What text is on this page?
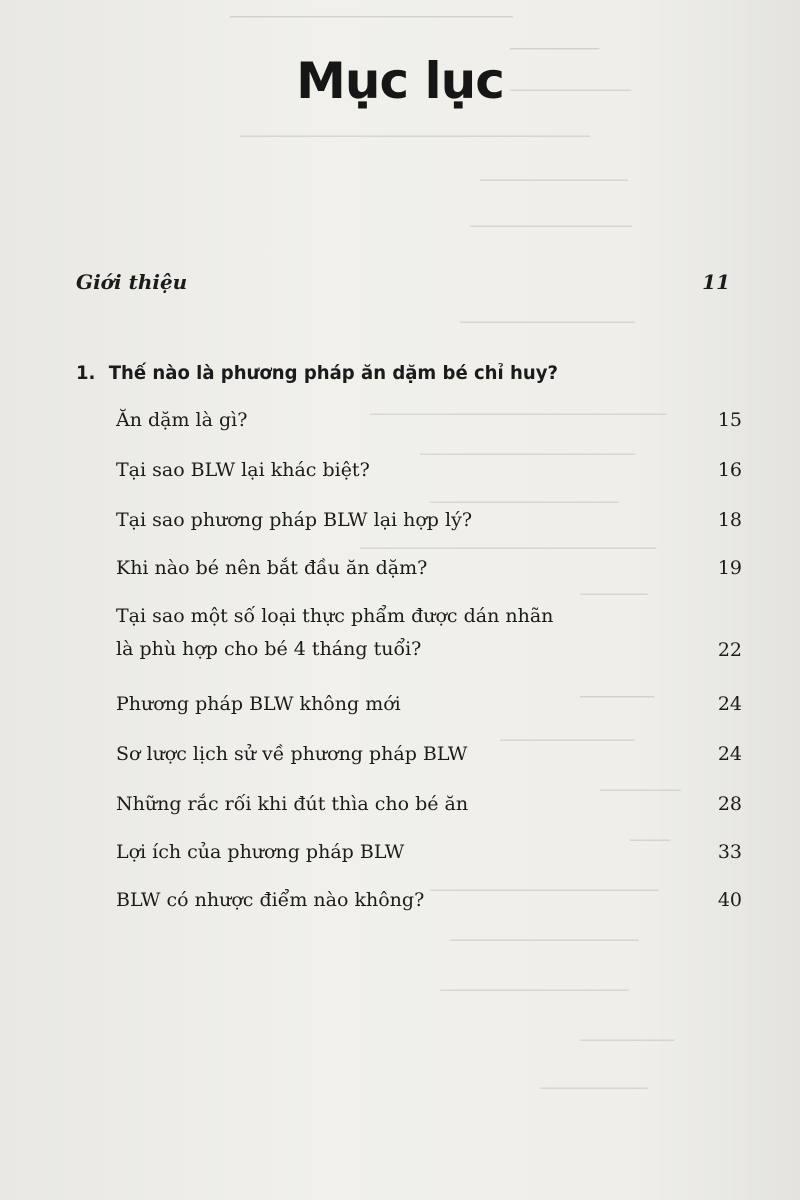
───────────────────
──────
─────────
──────────────────────────
───────────
────────────
─────────────
──────────────────────
────────────────
──────────────
──────────────────────
─────
─────
──────────
──────
───
─────────────────
──────────────
──────────────
───────
────────
Mục lục
Giới thiệu	11
1. Thế nào là phương pháp ăn dặm bé chỉ huy?
Ăn dặm là gì?	15
Tại sao BLW lại khác biệt?	16
Tại sao phương pháp BLW lại hợp lý?	18
Khi nào bé nên bắt đầu ăn dặm?	19
Tại sao một số loại thực phẩm được dán nhãn
là phù hợp cho bé 4 tháng tuổi?	22
Phương pháp BLW không mới	24
Sơ lược lịch sử về phương pháp BLW	24
Những rắc rối khi đút thìa cho bé ăn	28
Lợi ích của phương pháp BLW	33
BLW có nhược điểm nào không?	40
